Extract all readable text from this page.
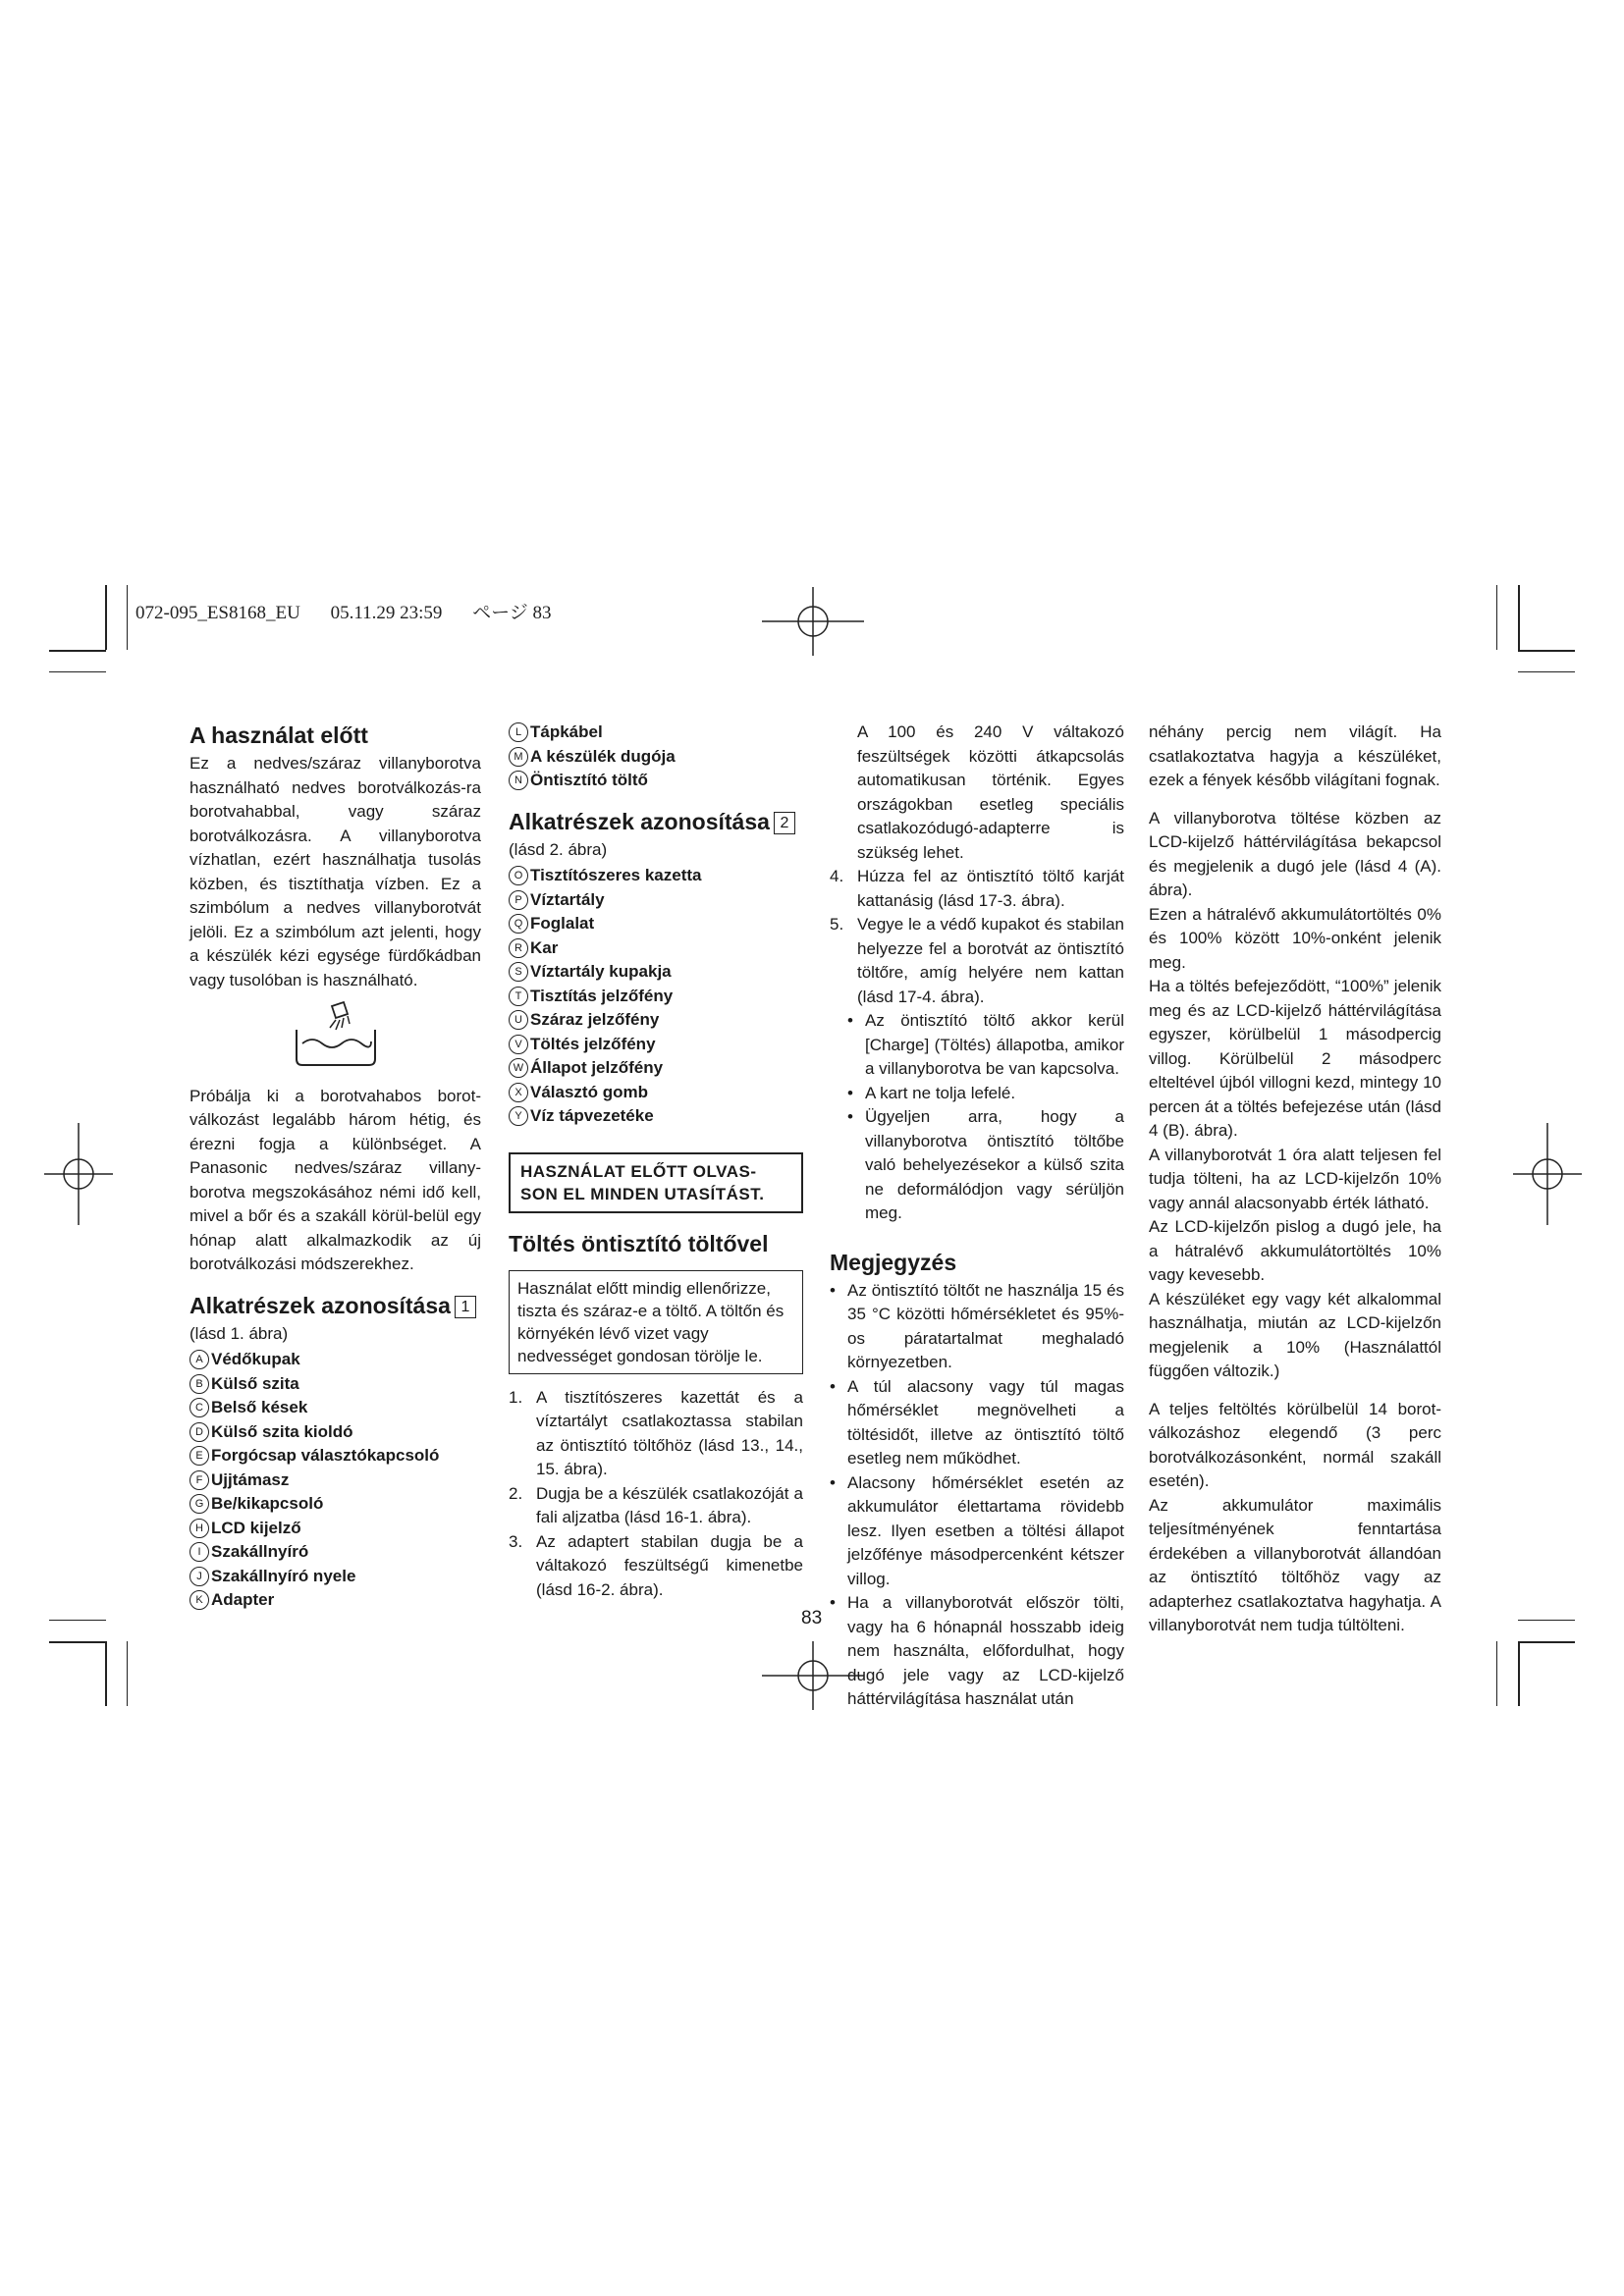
072-095_ES8168_EU 05.11.29 23:59 ページ 83
A használat előtt

Ez a nedves/száraz villanyborotva használható nedves borotválkozás-ra borotvahabbal, vagy száraz borotválkozásra. A villanyborotva vízhatlan, ezért használhatja tusolás közben, és tisztíthatja vízben. Ez a szimbólum a nedves villanyborotvát jelöli. Ez a szimbólum azt jelenti, hogy a készülék kézi egysége fürdőkádban vagy tusolóban is használható.

Próbálja ki a borotvahabos borot-válkozást legalább három hétig, és érezni fogja a különbséget. A Panasonic nedves/száraz villany-borotva megszokásához némi idő kell, mivel a bőr és a szakáll körül-belül egy hónap alatt alkalmazkodik az új borotválkozási módszerekhez.

Alkatrészek azonosítása 1

(lásd 1. ábra)

A Védőkupak
B Külső szita
C Belső kések
D Külső szita kioldó
E Forgócsap választókapcsoló
F Ujjtámasz
G Be/kikapcsoló
H LCD kijelző
I Szakállnyíró
J Szakállnyíró nyele
K Adapter
L Tápkábel
M A készülék dugója
N Öntisztító töltő
Alkatrészek azonosítása 2

(lásd 2. ábra)

O Tisztítószeres kazetta
P Víztartály
Q Foglalat
R Kar
S Víztartály kupakja
T Tisztítás jelzőfény
U Száraz jelzőfény
V Töltés jelzőfény
W Állapot jelzőfény
X Választó gomb
Y Víz tápvezetéke
HASZNÁLAT ELŐTT OLVAS-SON EL MINDEN UTASÍTÁST.
Töltés öntisztító töltővel
Használat előtt mindig ellenőrizze, tiszta és száraz-e a töltő. A töltőn és környékén lévő vizet vagy nedvességet gondosan törölje le.
1. A tisztítószeres kazettát és a víztartályt csatlakoztassa stabilan az öntisztító töltőhöz (lásd 13., 14., 15. ábra).
2. Dugja be a készülék csatlakozóját a fali aljzatba (lásd 16-1. ábra).
3. Az adaptert stabilan dugja be a váltakozó feszültségű kimenetbe (lásd 16-2. ábra).

A 100 és 240 V váltakozó feszültségek közötti átkapcsolás automatikusan történik. Egyes országokban esetleg speciális csatlakozódugó-adapterre is szükség lehet.

4. Húzza fel az öntisztító töltő karját kattanásig (lásd 17-3. ábra).
5. Vegye le a védő kupakot és stabilan helyezze fel a borotvát az öntisztító töltőre, amíg helyére nem kattan (lásd 17-4. ábra).
• Az öntisztító töltő akkor kerül [Charge] (Töltés) állapotba, amikor a villanyborotva be van kapcsolva.
• A kart ne tolja lefelé.
• Ügyeljen arra, hogy a villanyborotva öntisztító töltőbe való behelyezésekor a külső szita ne deformálódjon vagy sérüljön meg.
Megjegyzés
• Az öntisztító töltőt ne használja 15 és 35 °C közötti hőmérsékletet és 95%-os páratartalmat meghaladó környezetben.
• A túl alacsony vagy túl magas hőmérséklet megnövelheti a töltésidőt, illetve az öntisztító töltő esetleg nem működhet.
• Alacsony hőmérséklet esetén az akkumulátor élettartama rövidebb lesz. Ilyen esetben a töltési állapot jelzőfénye másodpercenként kétszer villog.
• Ha a villanyborotvát először tölti, vagy ha 6 hónapnál hosszabb ideig nem használta, előfordulhat, hogy dugó jele vagy az LCD-kijelző háttérvilágítása használat után

néhány percig nem világít. Ha csatlakoztatva hagyja a készüléket, ezek a fények később világítani fognak.

A villanyborotva töltése közben az LCD-kijelző háttérvilágítása bekapcsol és megjelenik a dugó jele (lásd 4 (A). ábra).

Ezen a hátralévő akkumulátortöltés 0% és 100% között 10%-onként jelenik meg.

Ha a töltés befejeződött, “100%” jelenik meg és az LCD-kijelző háttérvilágítása egyszer, körülbelül 1 másodpercig villog. Körülbelül 2 másodperc elteltével újból villogni kezd, mintegy 10 percen át a töltés befejezése után (lásd 4 (B). ábra).

A villanyborotvát 1 óra alatt teljesen fel tudja tölteni, ha az LCD-kijelzőn 10% vagy annál alacsonyabb érték látható.

Az LCD-kijelzőn pislog a dugó jele, ha a hátralévő akkumulátortöltés 10% vagy kevesebb.

A készüléket egy vagy két alkalommal használhatja, miután az LCD-kijelzőn megjelenik a 10% (Használattól függően változik.)

A teljes feltöltés körülbelül 14 borot-válkozáshoz elegendő (3 perc borotválkozásonként, normál szakáll esetén).

Az akkumulátor maximális teljesítményének fenntartása érdekében a villanyborotvát állandóan az öntisztító töltőhöz vagy az adapterhez csatlakoztatva hagyhatja. A villanyborotvát nem tudja túltölteni.

83
